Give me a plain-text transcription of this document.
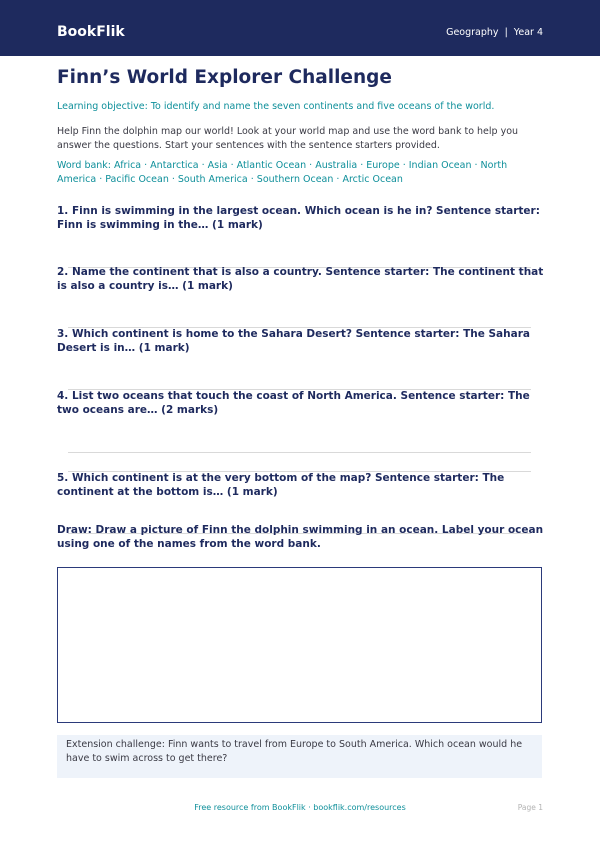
BookFlik	Geography  |  Year 4
Finn’s World Explorer Challenge
Learning objective: To identify and name the seven continents and five oceans of the world.
Help Finn the dolphin map our world! Look at your world map and use the word bank to help you answer the questions. Start your sentences with the sentence starters provided.
Word bank: Africa · Antarctica · Asia · Atlantic Ocean · Australia · Europe · Indian Ocean · North America · Pacific Ocean · South America · Southern Ocean · Arctic Ocean
1. Finn is swimming in the largest ocean. Which ocean is he in? Sentence starter: Finn is swimming in the… (1 mark)
2. Name the continent that is also a country. Sentence starter: The continent that is also a country is… (1 mark)
3. Which continent is home to the Sahara Desert? Sentence starter: The Sahara Desert is in… (1 mark)
4. List two oceans that touch the coast of North America. Sentence starter: The two oceans are… (2 marks)
5. Which continent is at the very bottom of the map? Sentence starter: The continent at the bottom is… (1 mark)
Draw: Draw a picture of Finn the dolphin swimming in an ocean. Label your ocean using one of the names from the word bank.
Extension challenge: Finn wants to travel from Europe to South America. Which ocean would he have to swim across to get there?
Free resource from BookFlik · bookflik.com/resources	Page 1
